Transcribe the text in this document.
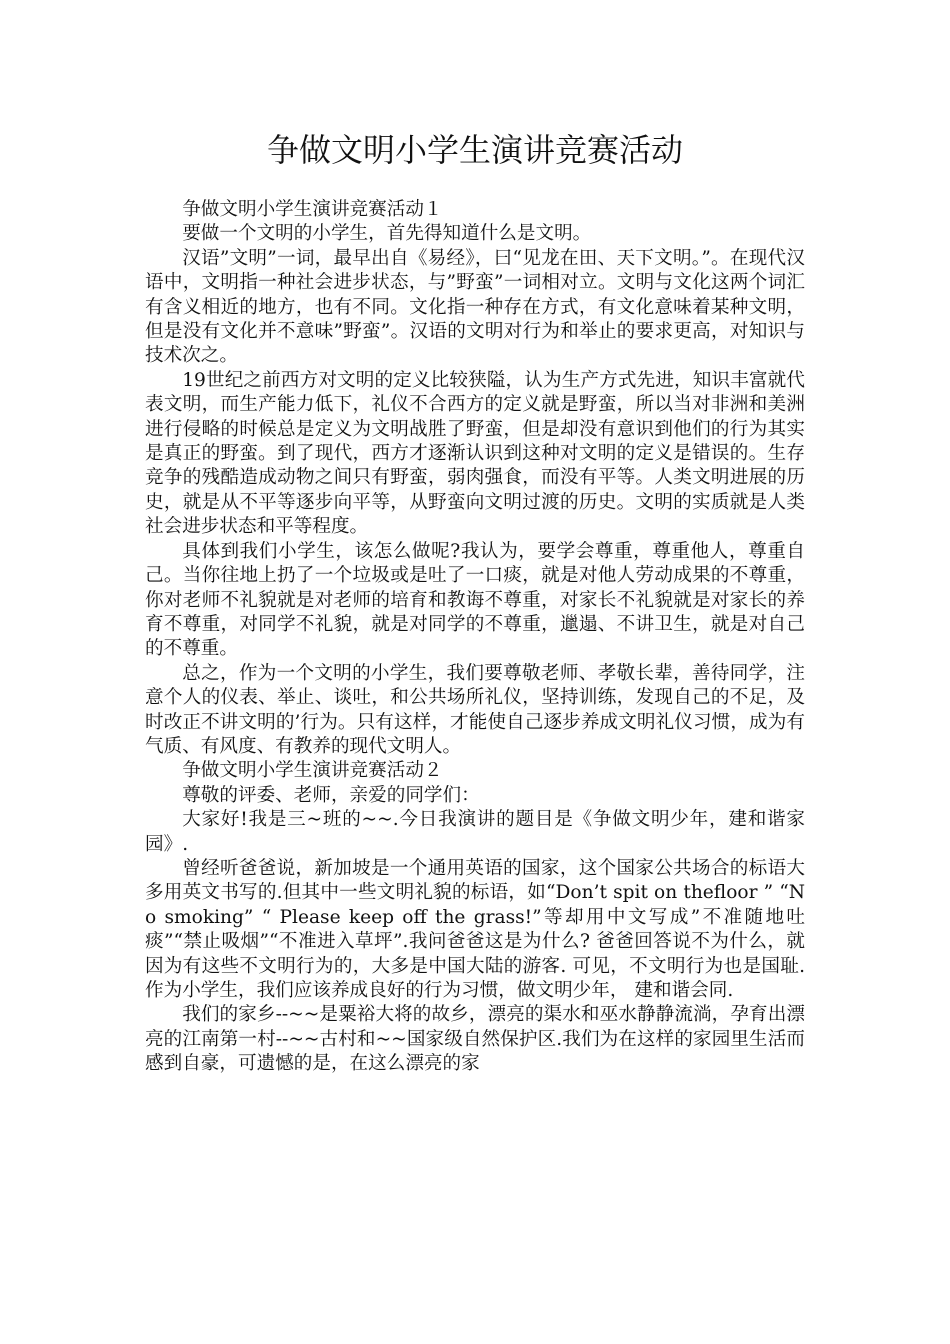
争做文明小学生演讲竞赛活动

争做文明小学生演讲竞赛活动１

要做一个文明的小学生，首先得知道什么是文明。

汉语”文明”一词，最早出自《易经》，曰“见龙在田、天下文明。”。在现代汉语中，文明指一种社会进步状态，与”野蛮”一词相对立。文明与文化这两个词汇有含义相近的地方，也有不同。文化指一种存在方式，有文化意味着某种文明，但是没有文化并不意味”野蛮”。汉语的文明对行为和举止的要求更高，对知识与技术次之。

19世纪之前西方对文明的定义比较狭隘，认为生产方式先进，知识丰富就代表文明，而生产能力低下，礼仪不合西方的定义就是野蛮，所以当对非洲和美洲进行侵略的时候总是定义为文明战胜了野蛮，但是却没有意识到他们的行为其实是真正的野蛮。到了现代，西方才逐渐认识到这种对文明的定义是错误的。生存竞争的残酷造成动物之间只有野蛮，弱肉强食，而没有平等。人类文明进展的历史，就是从不平等逐步向平等，从野蛮向文明过渡的历史。文明的实质就是人类社会进步状态和平等程度。

具体到我们小学生，该怎么做呢?我认为，要学会尊重，尊重他人，尊重自己。当你往地上扔了一个垃圾或是吐了一口痰，就是对他人劳动成果的不尊重，你对老师不礼貌就是对老师的培育和教诲不尊重，对家长不礼貌就是对家长的养育不尊重，对同学不礼貌，就是对同学的不尊重，邋遢、不讲卫生，就是对自己的不尊重。

总之，作为一个文明的小学生，我们要尊敬老师、孝敬长辈，善待同学，注意个人的仪表、举止、谈吐，和公共场所礼仪，坚持训练，发现自己的不足，及时改正不讲文明的’行为。只有这样，才能使自己逐步养成文明礼仪习惯，成为有气质、有风度、有教养的现代文明人。

争做文明小学生演讲竞赛活动２

尊敬的评委、老师，亲爱的同学们：

大家好!我是三~班的~~.今日我演讲的题目是《争做文明少年，建和谐家园》.

曾经听爸爸说，新加坡是一个通用英语的国家，这个国家公共场合的标语大多用英文书写的.但其中一些文明礼貌的标语，如“Don’t spit on thefloor ” “No smoking” “ Please keep off the grass!”等却用中文写成”不准随地吐痰”“禁止吸烟”“不准进入草坪”.我问爸爸这是为什么? 爸爸回答说不为什么，就因为有这些不文明行为的，大多是中国大陆的游客. 可见，不文明行为也是国耻.作为小学生，我们应该养成良好的行为习惯，做文明少年， 建和谐会同.

我们的家乡--~~是粟裕大将的故乡，漂亮的渠水和巫水静静流淌，孕育出漂亮的江南第一村--~~古村和~~国家级自然保护区.我们为在这样的家园里生活而感到自豪，可遗憾的是，在这么漂亮的家
